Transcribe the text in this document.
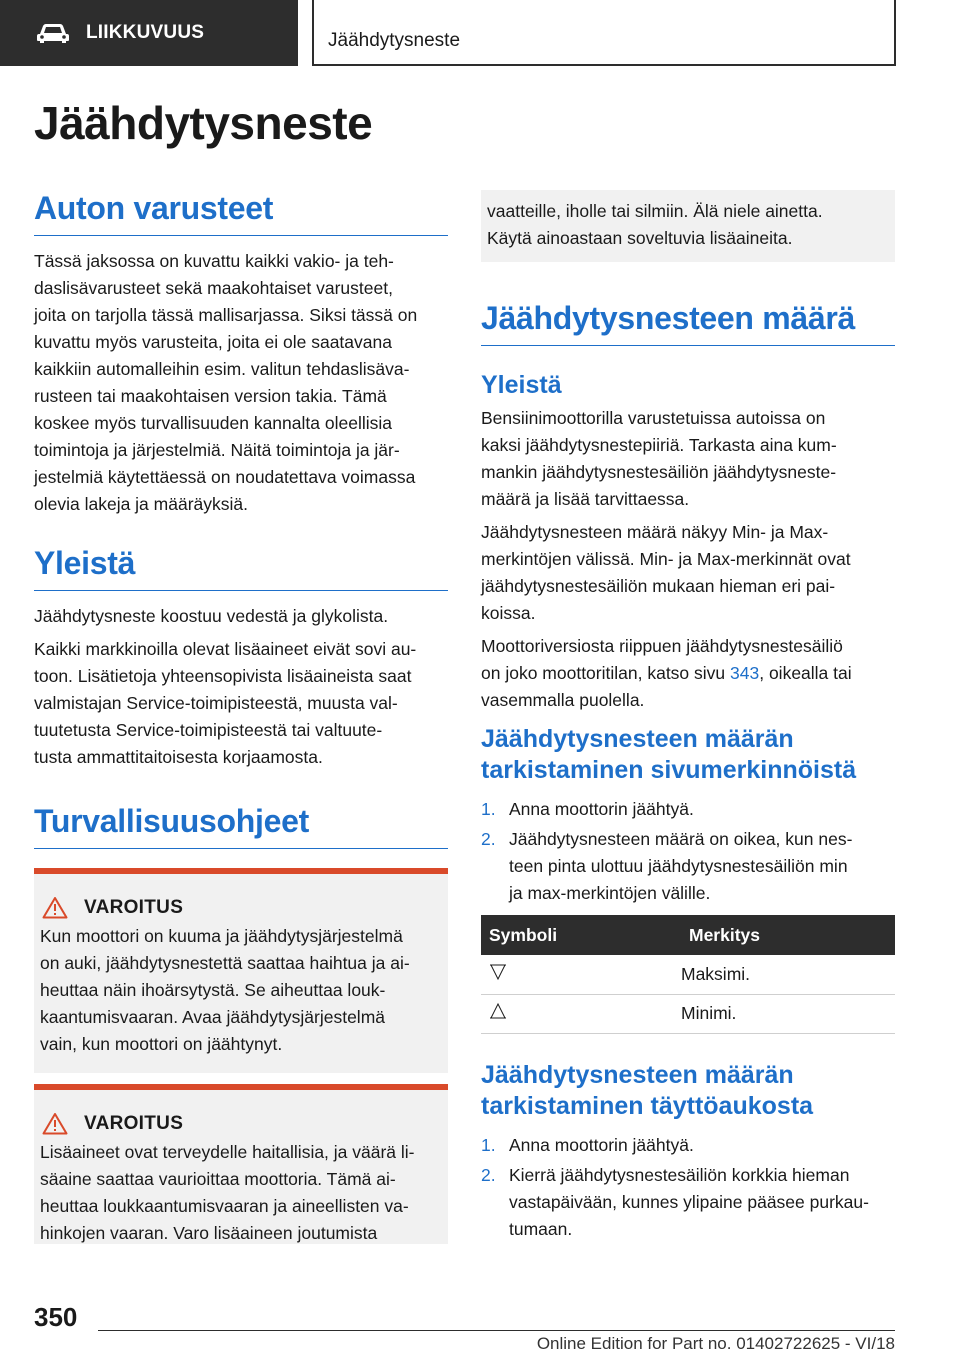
LIIKKUVUUS	Jäähdytysneste
Jäähdytysneste
Auton varusteet

Tässä jaksossa on kuvattu kaikki vakio- ja teh-
daslisävarusteet sekä maakohtaiset varusteet,
joita on tarjolla tässä mallisarjassa. Siksi tässä on
kuvattu myös varusteita, joita ei ole saatavana
kaikkiin automalleihin esim. valitun tehdaslisäva-
rusteen tai maakohtaisen version takia. Tämä
koskee myös turvallisuuden kannalta oleellisia
toimintoja ja järjestelmiä. Näitä toimintoja ja jär-
jestelmiä käytettäessä on noudatettava voimassa
olevia lakeja ja määräyksiä.

Yleistä

Jäähdytysneste koostuu vedestä ja glykolista.

Kaikki markkinoilla olevat lisäaineet eivät sovi au-
toon. Lisätietoja yhteensopivista lisäaineista saat
valmistajan Service-toimipisteestä, muusta val-
tuutetusta Service-toimipisteestä tai valtuute-
tusta ammattitaitoisesta korjaamosta.

Turvallisuusohjeet
VAROITUS

Kun moottori on kuuma ja jäähdytysjärjestelmä
on auki, jäähdytysnestettä saattaa haihtua ja ai-
heuttaa näin ihoärsytystä. Se aiheuttaa louk-
kaantumisvaaran. Avaa jäähdytysjärjestelmä
vain, kun moottori on jäähtynyt.

VAROITUS

Lisäaineet ovat terveydelle haitallisia, ja väärä li-
säaine saattaa vaurioittaa moottoria. Tämä ai-
heuttaa loukkaantumisvaaran ja aineellisten va-
hinkojen vaaran. Varo lisäaineen joutumista

vaatteille, iholle tai silmiin. Älä niele ainetta.
Käytä ainoastaan soveltuvia lisäaineita.

Jäähdytysnesteen määrä
Yleistä

Bensiinimoottorilla varustetuissa autoissa on
kaksi jäähdytysnestepiiriä. Tarkasta aina kum-
mankin jäähdytysnestesäiliön jäähdytysneste-
määrä ja lisää tarvittaessa.

Jäähdytysnesteen määrä näkyy Min- ja Max-
merkintöjen välissä. Min- ja Max-merkinnät ovat
jäähdytysnestesäiliön mukaan hieman eri pai-
koissa.

Moottoriversiosta riippuen jäähdytysnestesäiliö
on joko moottoritilan, katso sivu 343, oikealla tai
vasemmalla puolella.

Jäähdytysnesteen määrän
tarkistaminen sivumerkinnöistä
1. Anna moottorin jäähtyä.
2. Jäähdytysnesteen määrä on oikea, kun nes-
teen pinta ulottuu jäähdytysnestesäiliön min
ja max-merkintöjen välille.
Symboli	Merkitys
	Maksimi.
	Minimi.
Jäähdytysnesteen määrän
tarkistaminen täyttöaukosta
1. Anna moottorin jäähtyä.
2. Kierrä jäähdytysnestesäiliön korkkia hieman
vastapäivään, kunnes ylipaine pääsee purkau-
tumaan.
350
Online Edition for Part no. 01402722625 - VI/18
